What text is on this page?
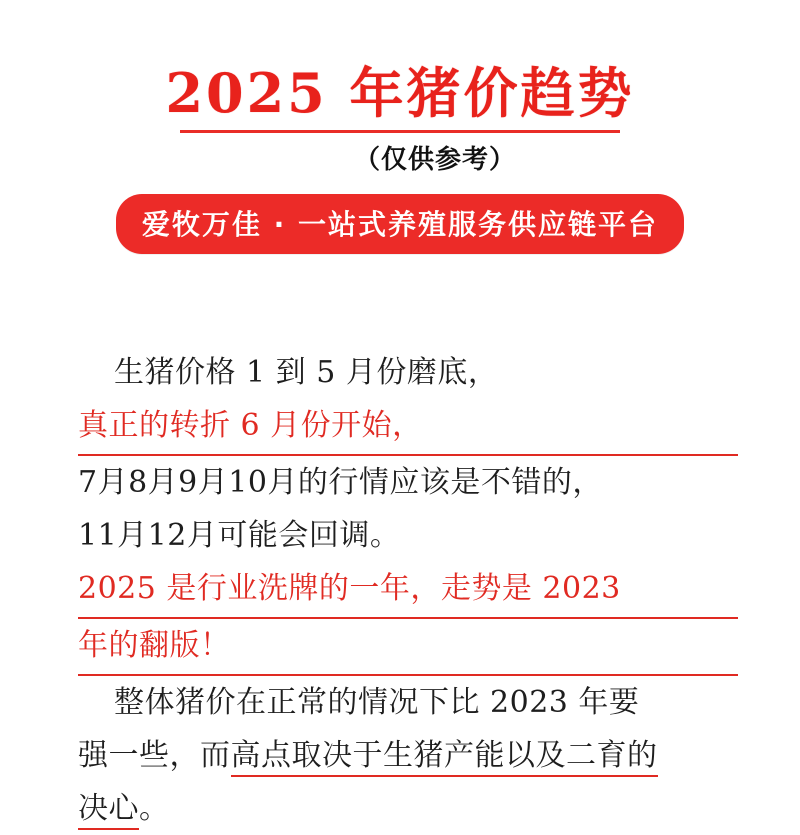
2025 年猪价趋势
（仅供参考）
爱牧万佳 · 一站式养殖服务供应链平台

生猪价格 1 到 5 月份磨底，
真正的转折 6 月份开始，
7月8月9月10月的行情应该是不错的，
11月12月可能会回调。
2025 是行业洗牌的一年，走势是 2023
年的翻版！

整体猪价在正常的情况下比 2023 年要
强一些，而高点取决于生猪产能以及二育的
决心。
